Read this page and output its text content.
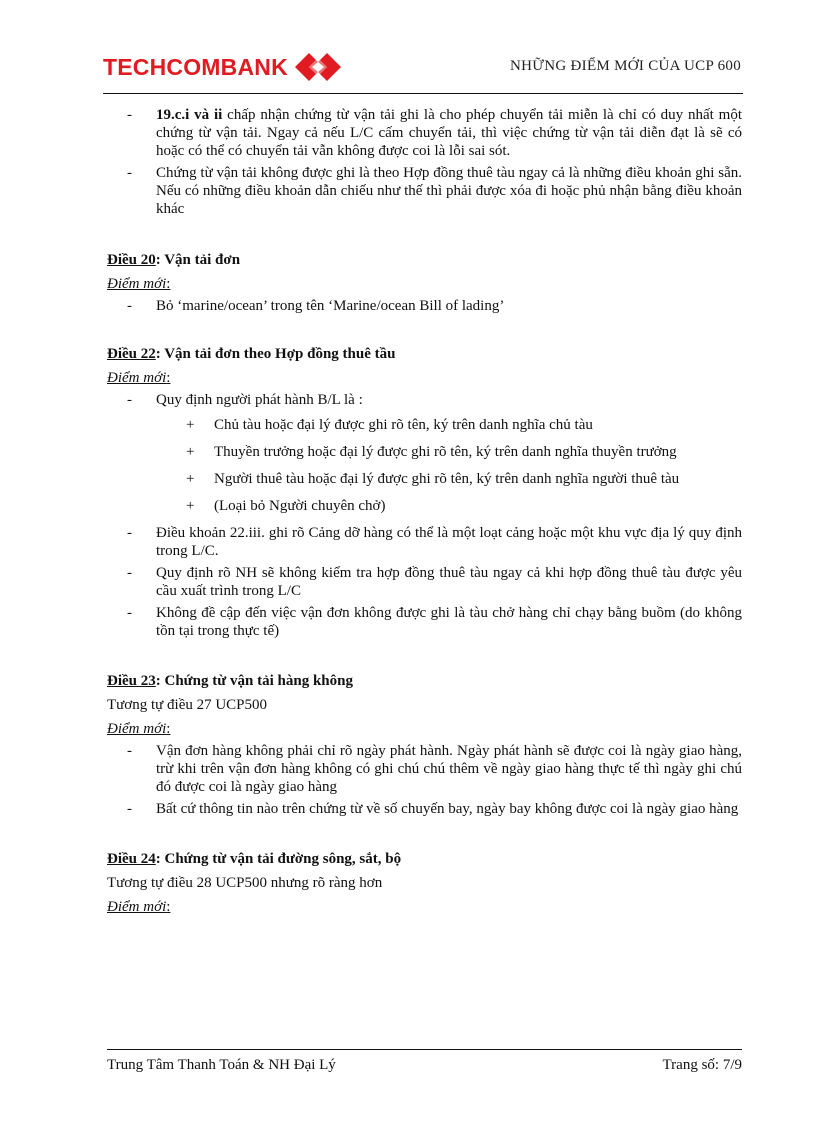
TECHCOMBANK	NHỮNG ĐIỂM MỚI CỦA UCP 600
- 19.c.i và ii chấp nhận chứng từ vận tải ghi là cho phép chuyển tải miễn là chỉ có duy nhất một chứng từ vận tải. Ngay cả nếu L/C cấm chuyển tải, thì việc chứng từ vận tải diễn đạt là sẽ có hoặc có thể có chuyển tải vẫn không được coi là lỗi sai sót.
- Chứng từ vận tải không được ghi là theo Hợp đồng thuê tàu ngay cả là những điều khoản ghi sẵn. Nếu có những điều khoản dẫn chiếu như thế thì phải được xóa đi hoặc phủ nhận bằng điều khoản khác
Điều 20: Vận tải đơn
Điểm mới:
- Bỏ ‘marine/ocean’ trong tên ‘Marine/ocean Bill of lading’
Điều 22: Vận tải đơn theo Hợp đồng thuê tầu
Điểm mới:
- Quy định người phát hành B/L là :
+ Chủ tàu hoặc đại lý được ghi rõ tên, ký trên danh nghĩa chủ tàu
+ Thuyền trưởng hoặc đại lý được ghi rõ tên, ký trên danh nghĩa thuyền trưởng
+ Người thuê tàu hoặc đại lý được ghi rõ tên, ký trên danh nghĩa người thuê tàu
+ (Loại bỏ Người chuyên chở)
- Điều khoản 22.iii. ghi rõ Cảng dỡ hàng có thể là một loạt cảng hoặc một khu vực địa lý quy định trong L/C.
- Quy định rõ NH sẽ không kiểm tra hợp đồng thuê tàu ngay cả khi hợp đồng thuê tàu được yêu cầu xuất trình trong L/C
- Không đề cập đến việc vận đơn không được ghi là tàu chở hàng chỉ chạy bằng buồm (do không tồn tại trong thực tế)
Điều 23: Chứng từ vận tải hàng không
Tương tự điều 27 UCP500
Điểm mới:
- Vận đơn hàng không phải chỉ rõ ngày phát hành. Ngày phát hành sẽ được coi là ngày giao hàng, trừ khi trên vận đơn hàng không có ghi chú chú thêm về ngày giao hàng thực tế thì ngày ghi chú đó được coi là ngày giao hàng
- Bất cứ thông tin nào trên chứng từ về số chuyến bay, ngày bay không được coi là ngày giao hàng
Điều 24: Chứng từ vận tải đường sông, sắt, bộ
Tương tự điều 28 UCP500 nhưng rõ ràng hơn
Điểm mới:
Trung Tâm Thanh Toán & NH Đại Lý	Trang số: 7/9
